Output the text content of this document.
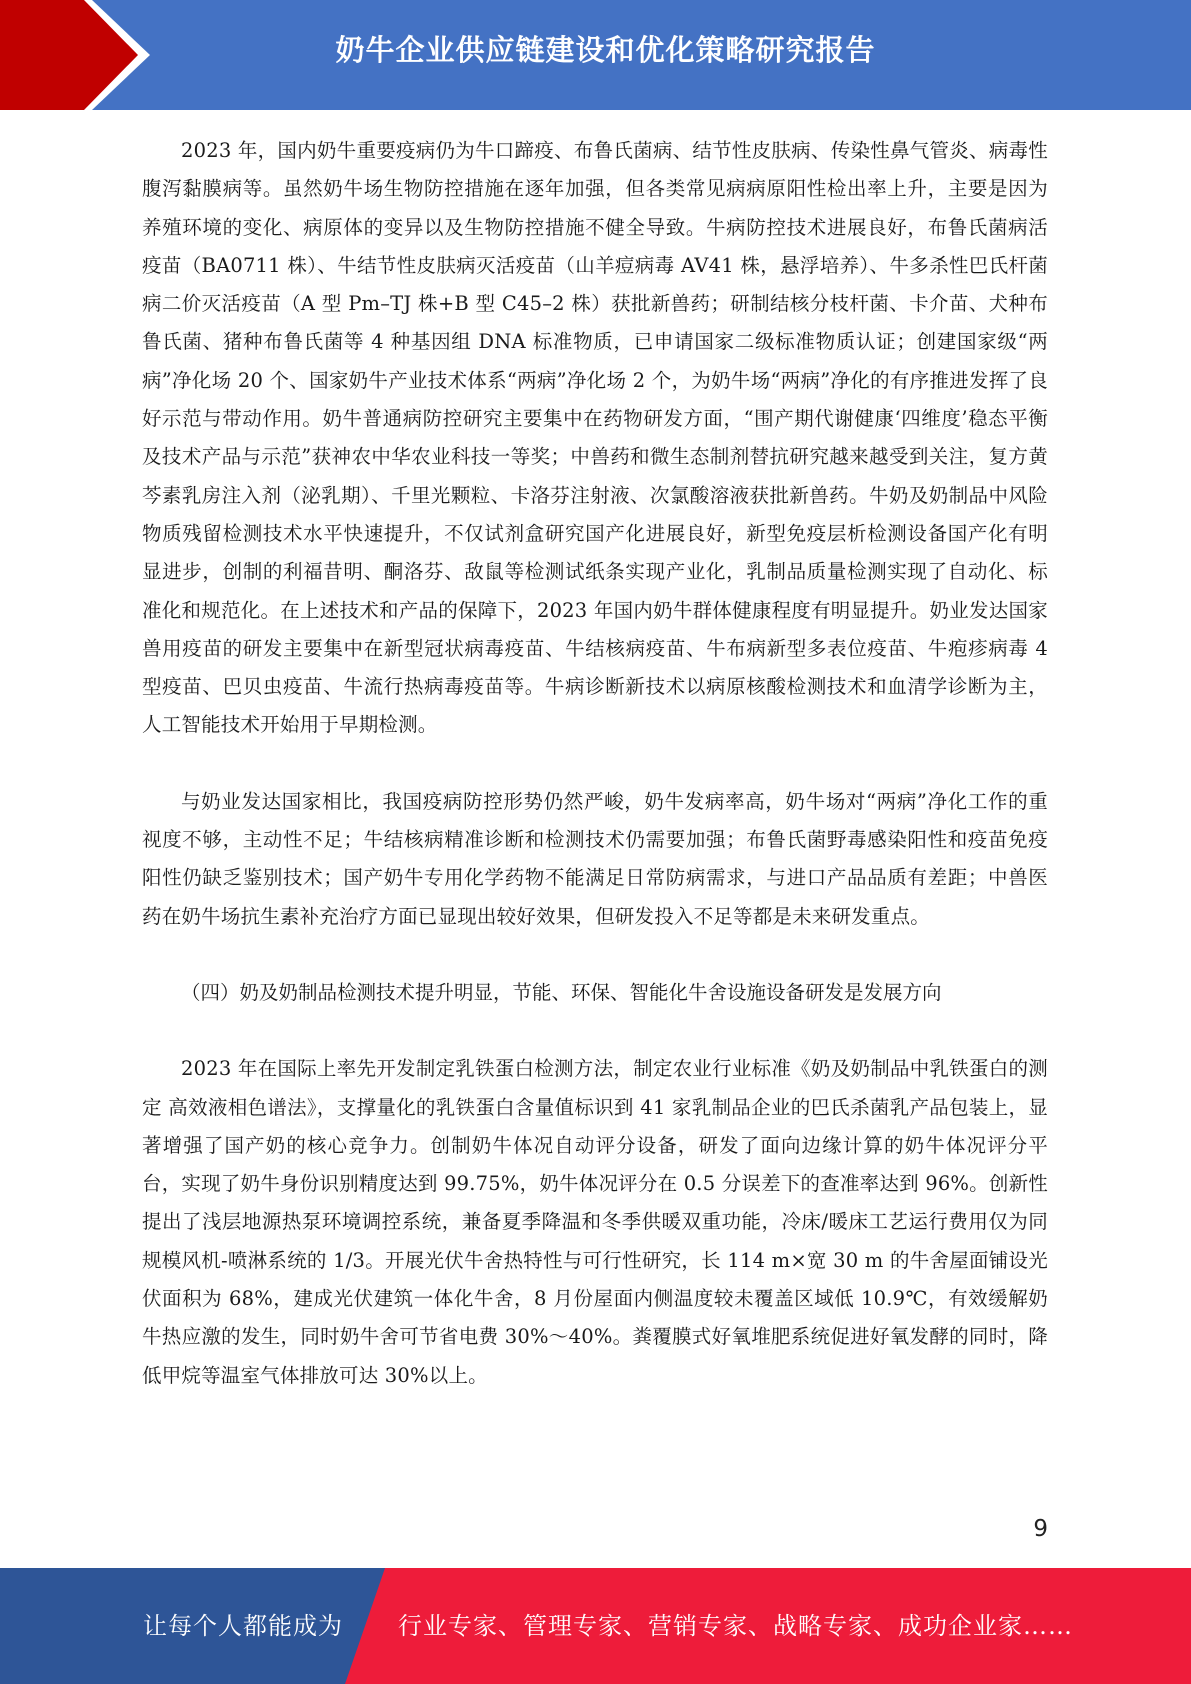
奶牛企业供应链建设和优化策略研究报告

2023 年，国内奶牛重要疫病仍为牛口蹄疫、布鲁氏菌病、结节性皮肤病、传染性鼻气管炎、病毒性腹泻黏膜病等。虽然奶牛场生物防控措施在逐年加强，但各类常见病病原阳性检出率上升，主要是因为养殖环境的变化、病原体的变异以及生物防控措施不健全导致。牛病防控技术进展良好，布鲁氏菌病活疫苗（BA0711 株）、牛结节性皮肤病灭活疫苗（山羊痘病毒 AV41 株，悬浮培养）、牛多杀性巴氏杆菌病二价灭活疫苗（A 型 Pm–TJ 株+B 型 C45–2 株）获批新兽药；研制结核分枝杆菌、卡介苗、犬种布鲁氏菌、猪种布鲁氏菌等 4 种基因组 DNA 标准物质，已申请国家二级标准物质认证；创建国家级“两病”净化场 20 个、国家奶牛产业技术体系“两病”净化场 2 个，为奶牛场“两病”净化的有序推进发挥了良好示范与带动作用。奶牛普通病防控研究主要集中在药物研发方面，“围产期代谢健康‘四维度’稳态平衡及技术产品与示范”获神农中华农业科技一等奖；中兽药和微生态制剂替抗研究越来越受到关注，复方黄芩素乳房注入剂（泌乳期）、千里光颗粒、卡洛芬注射液、次氯酸溶液获批新兽药。牛奶及奶制品中风险物质残留检测技术水平快速提升，不仅试剂盒研究国产化进展良好，新型免疫层析检测设备国产化有明显进步，创制的利福昔明、酮洛芬、敌鼠等检测试纸条实现产业化，乳制品质量检测实现了自动化、标准化和规范化。在上述技术和产品的保障下，2023 年国内奶牛群体健康程度有明显提升。奶业发达国家兽用疫苗的研发主要集中在新型冠状病毒疫苗、牛结核病疫苗、牛布病新型多表位疫苗、牛疱疹病毒 4 型疫苗、巴贝虫疫苗、牛流行热病毒疫苗等。牛病诊断新技术以病原核酸检测技术和血清学诊断为主，人工智能技术开始用于早期检测。

与奶业发达国家相比，我国疫病防控形势仍然严峻，奶牛发病率高，奶牛场对“两病”净化工作的重视度不够，主动性不足；牛结核病精准诊断和检测技术仍需要加强；布鲁氏菌野毒感染阳性和疫苗免疫阳性仍缺乏鉴别技术；国产奶牛专用化学药物不能满足日常防病需求，与进口产品品质有差距；中兽医药在奶牛场抗生素补充治疗方面已显现出较好效果，但研发投入不足等都是未来研发重点。

（四）奶及奶制品检测技术提升明显，节能、环保、智能化牛舍设施设备研发是发展方向

2023 年在国际上率先开发制定乳铁蛋白检测方法，制定农业行业标准《奶及奶制品中乳铁蛋白的测定 高效液相色谱法》，支撑量化的乳铁蛋白含量值标识到 41 家乳制品企业的巴氏杀菌乳产品包装上，显著增强了国产奶的核心竞争力。创制奶牛体况自动评分设备，研发了面向边缘计算的奶牛体况评分平台，实现了奶牛身份识别精度达到 99.75%，奶牛体况评分在 0.5 分误差下的查准率达到 96%。创新性提出了浅层地源热泵环境调控系统，兼备夏季降温和冬季供暖双重功能，冷床/暖床工艺运行费用仅为同规模风机-喷淋系统的 1/3。开展光伏牛舍热特性与可行性研究，长 114 m×宽 30 m 的牛舍屋面铺设光伏面积为 68%，建成光伏建筑一体化牛舍，8 月份屋面内侧温度较未覆盖区域低 10.9℃，有效缓解奶牛热应激的发生，同时奶牛舍可节省电费 30%～40%。粪覆膜式好氧堆肥系统促进好氧发酵的同时，降低甲烷等温室气体排放可达 30%以上。

9
让每个人都能成为 行业专家、管理专家、营销专家、战略专家、成功企业家……
